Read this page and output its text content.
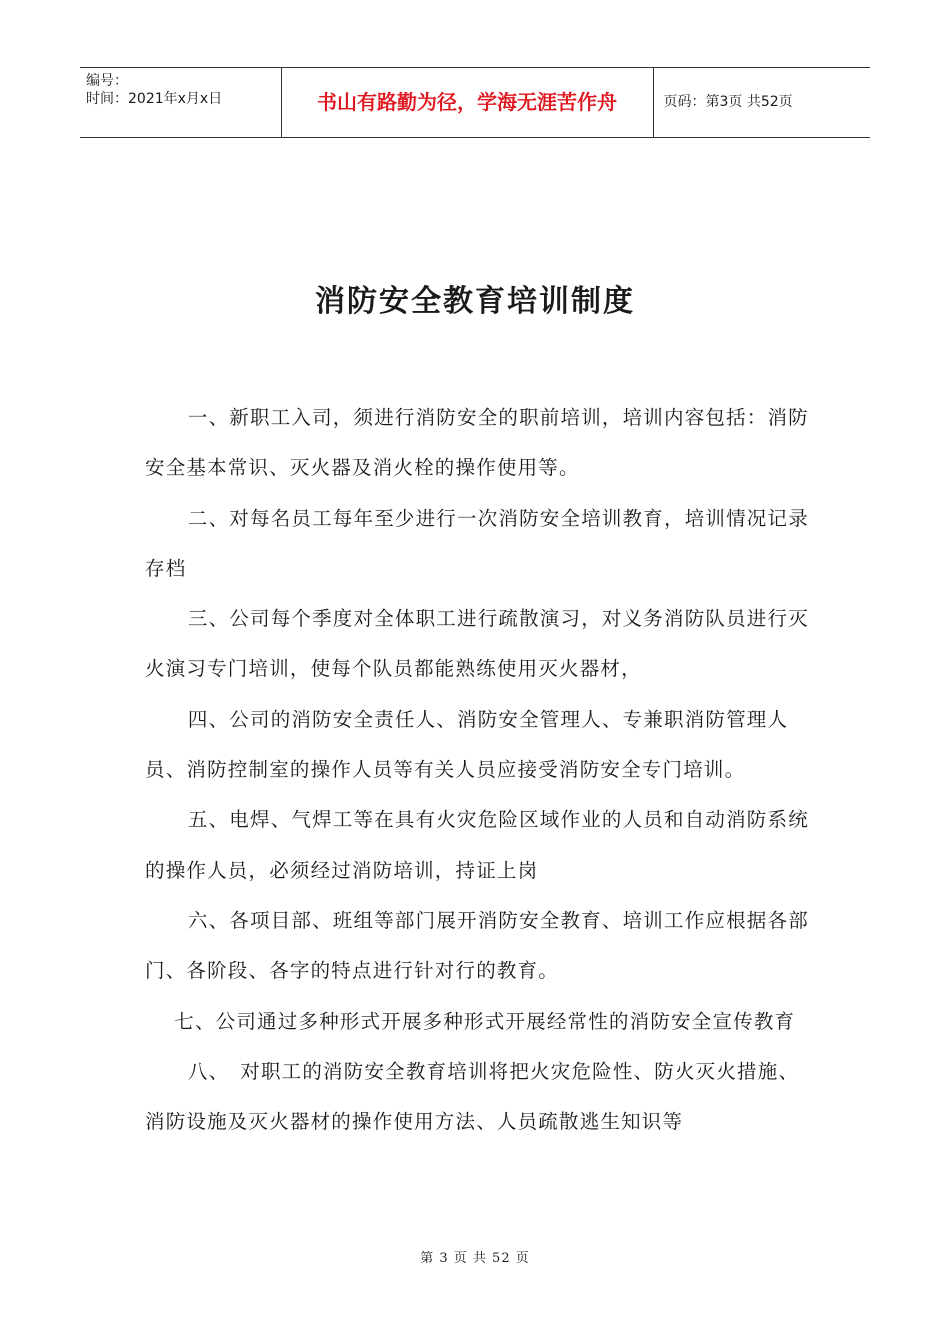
编号：
时间：2021年x月x日	书山有路勤为径，学海无涯苦作舟	页码：第3页 共52页
消防安全教育培训制度

一、新职工入司，须进行消防安全的职前培训，培训内容包括：消防安全基本常识、灭火器及消火栓的操作使用等。

二、对每名员工每年至少进行一次消防安全培训教育，培训情况记录存档

三、公司每个季度对全体职工进行疏散演习，对义务消防队员进行灭火演习专门培训，使每个队员都能熟练使用灭火器材，

四、公司的消防安全责任人、消防安全管理人、专兼职消防管理人员、消防控制室的操作人员等有关人员应接受消防安全专门培训。

五、电焊、气焊工等在具有火灾危险区域作业的人员和自动消防系统的操作人员，必须经过消防培训，持证上岗

六、各项目部、班组等部门展开消防安全教育、培训工作应根据各部门、各阶段、各字的特点进行针对行的教育。

七、公司通过多种形式开展多种形式开展经常性的消防安全宣传教育

八、　对职工的消防安全教育培训将把火灾危险性、防火灭火措施、消防设施及灭火器材的操作使用方法、人员疏散逃生知识等

第 3 页 共 52 页
